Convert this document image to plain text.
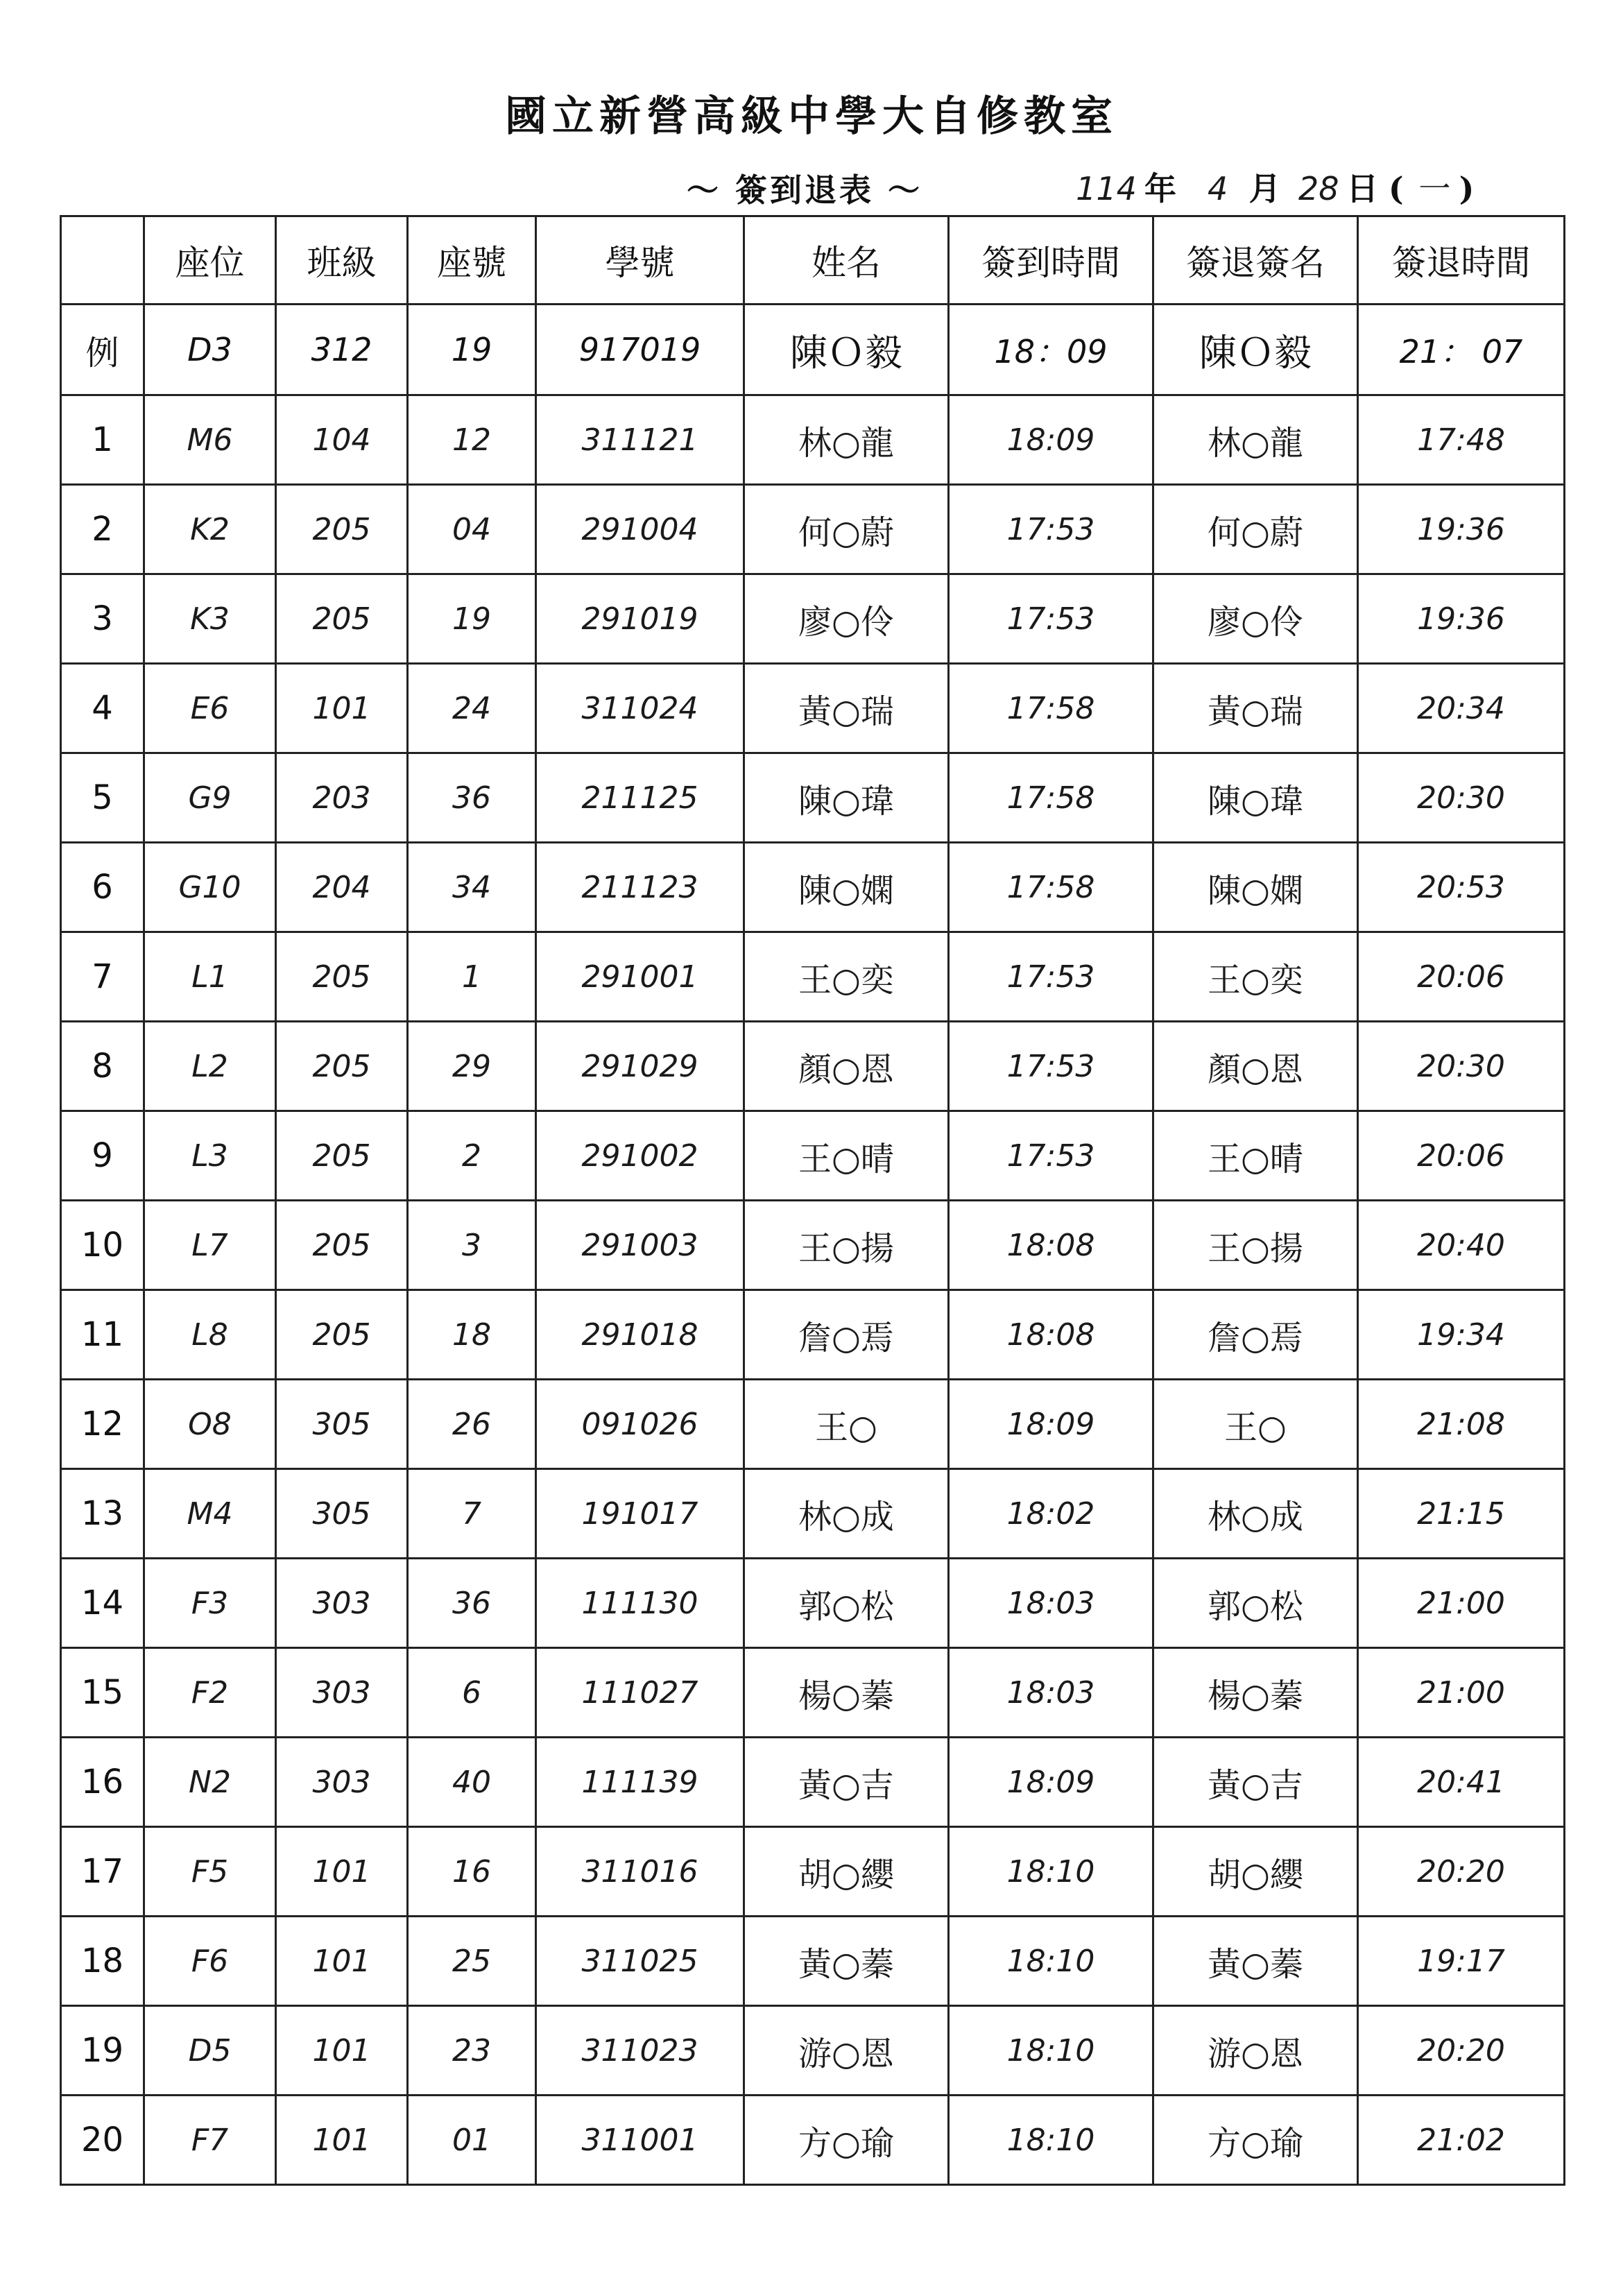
國立新營高級中學大自修教室
～ 簽到退表 ～	114 年 4 月 28 日 ( 一 )
	座位	班級	座號	學號	姓名	簽到時間	簽退簽名	簽退時間
例	D3	312	19	917019	陳Ｏ毅	18：09	陳Ｏ毅	21： 07
1	M6	104	12	311121	林○龍	18:09	林○龍	17:48
2	K2	205	04	291004	何○蔚	17:53	何○蔚	19:36
3	K3	205	19	291019	廖○伶	17:53	廖○伶	19:36
4	E6	101	24	311024	黃○瑞	17:58	黃○瑞	20:34
5	G9	203	36	211125	陳○瑋	17:58	陳○瑋	20:30
6	G10	204	34	211123	陳○嫻	17:58	陳○嫻	20:53
7	L1	205	1	291001	王○奕	17:53	王○奕	20:06
8	L2	205	29	291029	顏○恩	17:53	顏○恩	20:30
9	L3	205	2	291002	王○晴	17:53	王○晴	20:06
10	L7	205	3	291003	王○揚	18:08	王○揚	20:40
11	L8	205	18	291018	詹○焉	18:08	詹○焉	19:34
12	O8	305	26	091026	王○	18:09	王○	21:08
13	M4	305	7	191017	林○成	18:02	林○成	21:15
14	F3	303	36	111130	郭○松	18:03	郭○松	21:00
15	F2	303	6	111027	楊○蓁	18:03	楊○蓁	21:00
16	N2	303	40	111139	黃○吉	18:09	黃○吉	20:41
17	F5	101	16	311016	胡○纓	18:10	胡○纓	20:20
18	F6	101	25	311025	黃○蓁	18:10	黃○蓁	19:17
19	D5	101	23	311023	游○恩	18:10	游○恩	20:20
20	F7	101	01	311001	方○瑜	18:10	方○瑜	21:02
